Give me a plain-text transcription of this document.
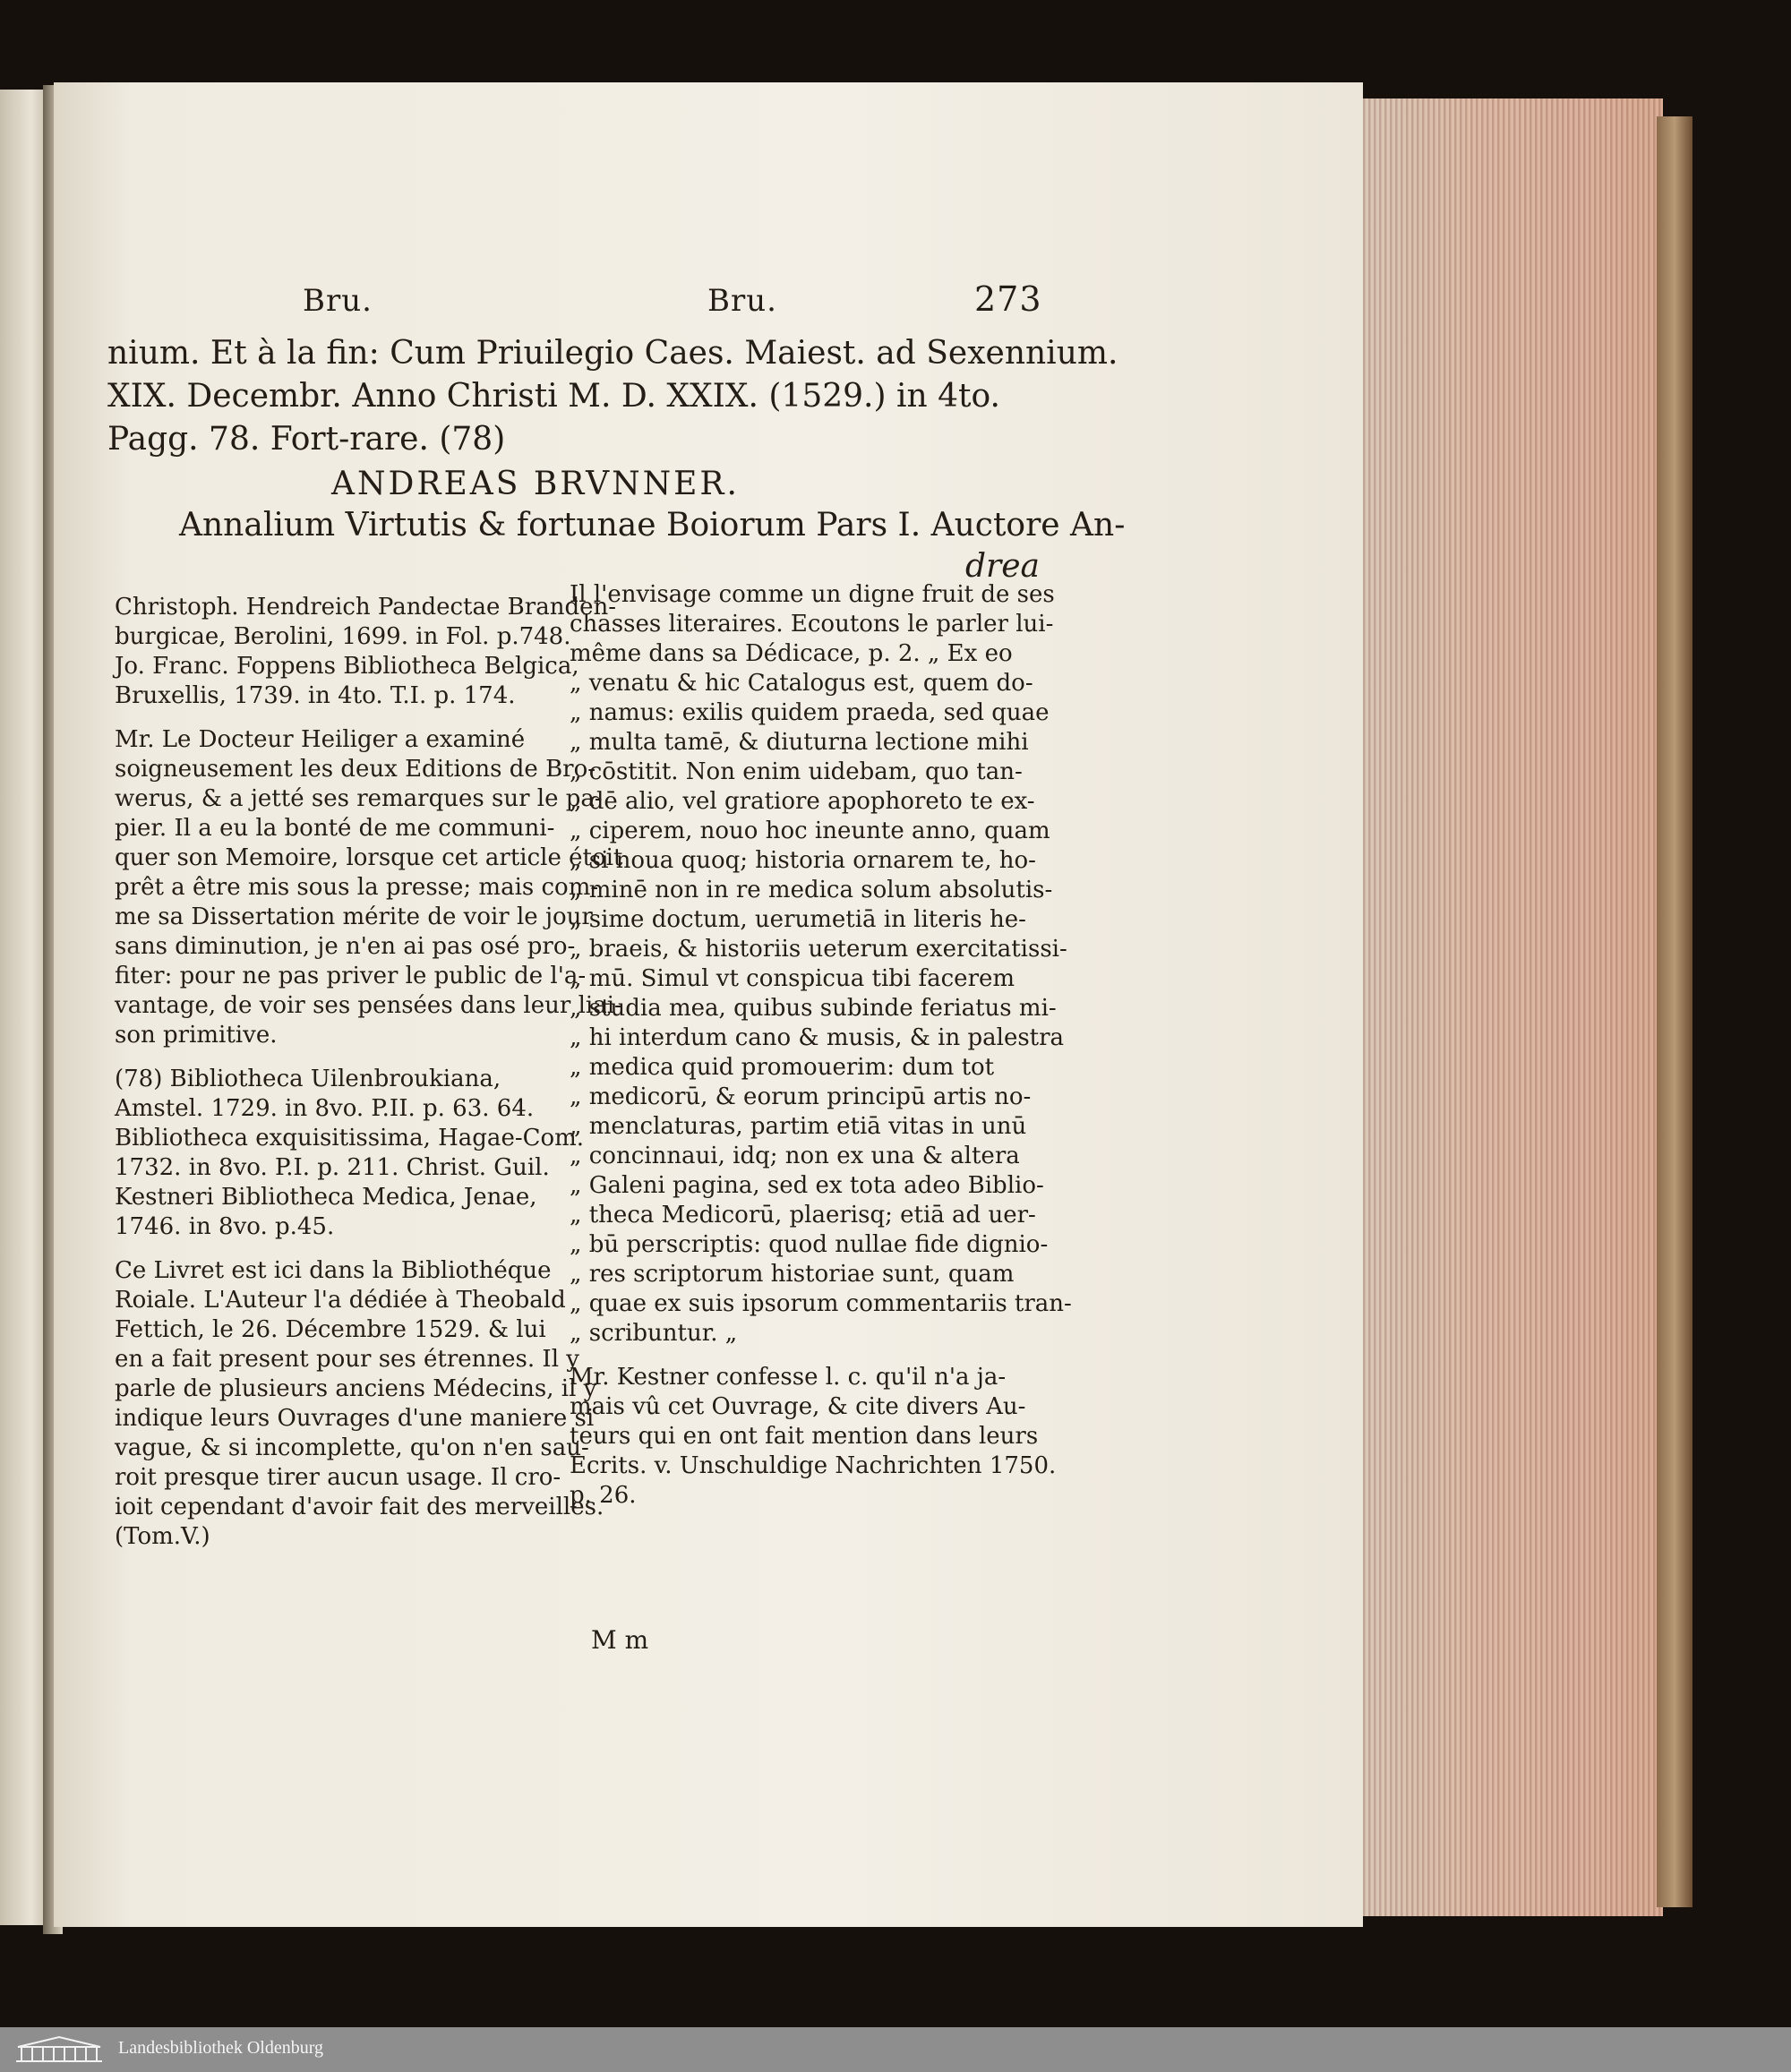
Bru.	Bru.	273
nium. Et à la fin: Cum Priuilegio Caes. Maiest. ad Sexennium.
XIX. Decembr. Anno Christi M. D. XXIX. (1529.) in 4to.
Pagg. 78. Fort-rare. (78)
ANDREAS BRVNNER.
Annalium Virtutis & fortunae Boiorum Pars I. Auctore An-
drea

Christoph. Hendreich Pandectae Branden-
burgicae, Berolini, 1699. in Fol. p.748.
Jo. Franc. Foppens Bibliotheca Belgica,
Bruxellis, 1739. in 4to. T.I. p. 174.

Mr. Le Docteur Heiliger a examiné
soigneusement les deux Editions de Bro-
werus, & a jetté ses remarques sur le pa-
pier. Il a eu la bonté de me communi-
quer son Memoire, lorsque cet article étoit
prêt a être mis sous la presse; mais com-
me sa Dissertation mérite de voir le jour
sans diminution, je n'en ai pas osé pro-
fiter: pour ne pas priver le public de l'a-
vantage, de voir ses pensées dans leur liai-
son primitive.

(78) Bibliotheca Uilenbroukiana,
Amstel. 1729. in 8vo. P.II. p. 63. 64.
Bibliotheca exquisitissima, Hagae-Com.
1732. in 8vo. P.I. p. 211. Christ. Guil.
Kestneri Bibliotheca Medica, Jenae,
1746. in 8vo. p.45.

Ce Livret est ici dans la Bibliothéque
Roiale. L'Auteur l'a dédiée à Theobald
Fettich, le 26. Décembre 1529. & lui
en a fait present pour ses étrennes. Il y
parle de plusieurs anciens Médecins, il y
indique leurs Ouvrages d'une maniere si
vague, & si incomplette, qu'on n'en sau-
roit presque tirer aucun usage. Il cro-
ioit cependant d'avoir fait des merveilles.
(Tom.V.)

Il l'envisage comme un digne fruit de ses
chasses literaires. Ecoutons le parler lui-
même dans sa Dédicace, p. 2. „ Ex eo
„ venatu & hic Catalogus est, quem do-
„ namus: exilis quidem praeda, sed quae
„ multa tamē, & diuturna lectione mihi
„ cōstitit. Non enim uidebam, quo tan-
„ dē alio, vel gratiore apophoreto te ex-
„ ciperem, nouo hoc ineunte anno, quam
„ si noua quoq; historia ornarem te, ho-
„ minē non in re medica solum absolutis-
„ sime doctum, uerumetiā in literis he-
„ braeis, & historiis ueterum exercitatissi-
„ mū. Simul vt conspicua tibi facerem
„ studia mea, quibus subinde feriatus mi-
„ hi interdum cano & musis, & in palestra
„ medica quid promouerim: dum tot
„ medicorū, & eorum principū artis no-
„ menclaturas, partim etiā vitas in unū
„ concinnaui, idq; non ex una & altera
„ Galeni pagina, sed ex tota adeo Biblio-
„ theca Medicorū, plaerisq; etiā ad uer-
„ bū perscriptis: quod nullae fide dignio-
„ res scriptorum historiae sunt, quam
„ quae ex suis ipsorum commentariis tran-
„ scribuntur. „

Mr. Kestner confesse l. c. qu'il n'a ja-
mais vû cet Ouvrage, & cite divers Au-
teurs qui en ont fait mention dans leurs
Ecrits. v. Unschuldige Nachrichten 1750.
p. 26.

M m
Landesbibliothek Oldenburg
